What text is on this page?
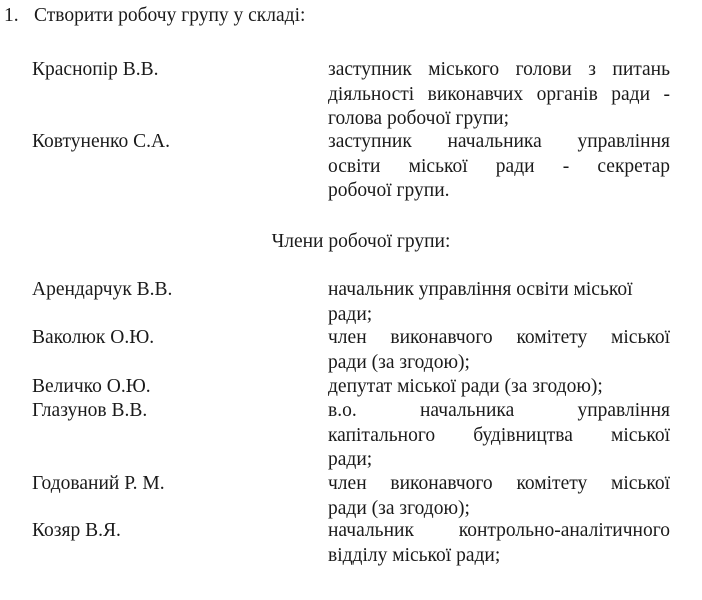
1. Створити робочу групу у складі:
Краснопір В.В.	заступник міського голови з питань
діяльності виконавчих органів ради -
голова робочої групи;
Ковтуненко С.А.	заступник начальника управління
освіти міської ради - секретар
робочої групи.
Члени робочої групи:
Арендарчук В.В.	начальник управління освіти міської
ради;
Ваколюк О.Ю.	член виконавчого комітету міської
ради (за згодою);
Величко О.Ю.	депутат міської ради (за згодою);
Глазунов В.В.	в.о. начальника управління
капітального будівництва міської
ради;
Годований Р. М.	член виконавчого комітету міської
ради (за згодою);
Козяр В.Я.	начальник контрольно-аналітичного
відділу міської ради;
